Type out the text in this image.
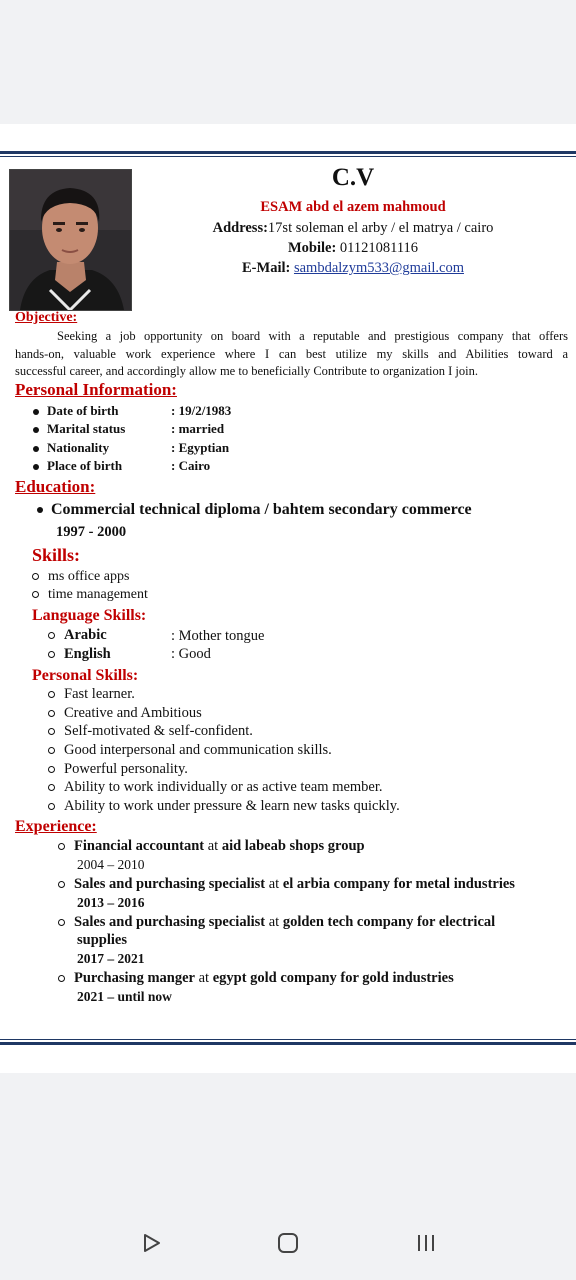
C.V
ESAM abd el azem mahmoud
Address:17st soleman el arby / el matrya / cairo
Mobile: 01121081116
E-Mail: sambdalzym533@gmail.com
Objective:

Seeking a job opportunity on board with a reputable and prestigious company that offers

hands-on, valuable work experience where I can best utilize my skills and Abilities toward a

successful career, and accordingly allow me to beneficially Contribute to organization I join.

Personal Information:
Date of birth	: 19/2/1983
Marital status	: married
Nationality	: Egyptian
Place of birth	: Cairo
Education:
Commercial technical diploma / bahtem secondary commerce
1997 - 2000
Skills:
ms office apps
time management
Language Skills:
Arabic	: Mother tongue
English	: Good
Personal Skills:
Fast learner.
Creative and Ambitious
Self-motivated & self-confident.
Good interpersonal and communication skills.
Powerful personality.
Ability to work individually or as active team member.
Ability to work under pressure & learn new tasks quickly.
Experience:
Financial accountant at aid labeab shops group
2004 – 2010
Sales and purchasing specialist at el arbia company for metal industries
2013 – 2016
Sales and purchasing specialist at golden tech company for electrical
supplies
2017 – 2021
Purchasing manger at egypt gold company for gold industries
2021 – until now
